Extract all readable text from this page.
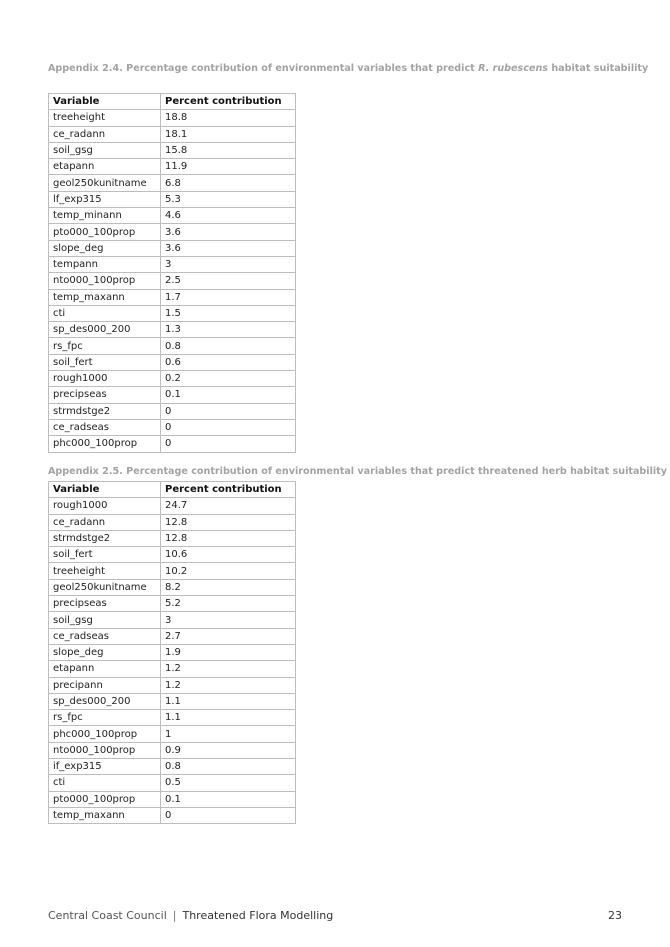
Appendix 2.4. Percentage contribution of environmental variables that predict R. rubescens habitat suitability
Variable	Percent contribution
treeheight	18.8
ce_radann	18.1
soil_gsg	15.8
etapann	11.9
geol250kunitname	6.8
lf_exp315	5.3
temp_minann	4.6
pto000_100prop	3.6
slope_deg	3.6
tempann	3
nto000_100prop	2.5
temp_maxann	1.7
cti	1.5
sp_des000_200	1.3
rs_fpc	0.8
soil_fert	0.6
rough1000	0.2
precipseas	0.1
strmdstge2	0
ce_radseas	0
phc000_100prop	0
Appendix 2.5. Percentage contribution of environmental variables that predict threatened herb habitat suitability
Variable	Percent contribution
rough1000	24.7
ce_radann	12.8
strmdstge2	12.8
soil_fert	10.6
treeheight	10.2
geol250kunitname	8.2
precipseas	5.2
soil_gsg	3
ce_radseas	2.7
slope_deg	1.9
etapann	1.2
precipann	1.2
sp_des000_200	1.1
rs_fpc	1.1
phc000_100prop	1
nto000_100prop	0.9
if_exp315	0.8
cti	0.5
pto000_100prop	0.1
temp_maxann	0
Central Coast Council | Threatened Flora Modelling	23
